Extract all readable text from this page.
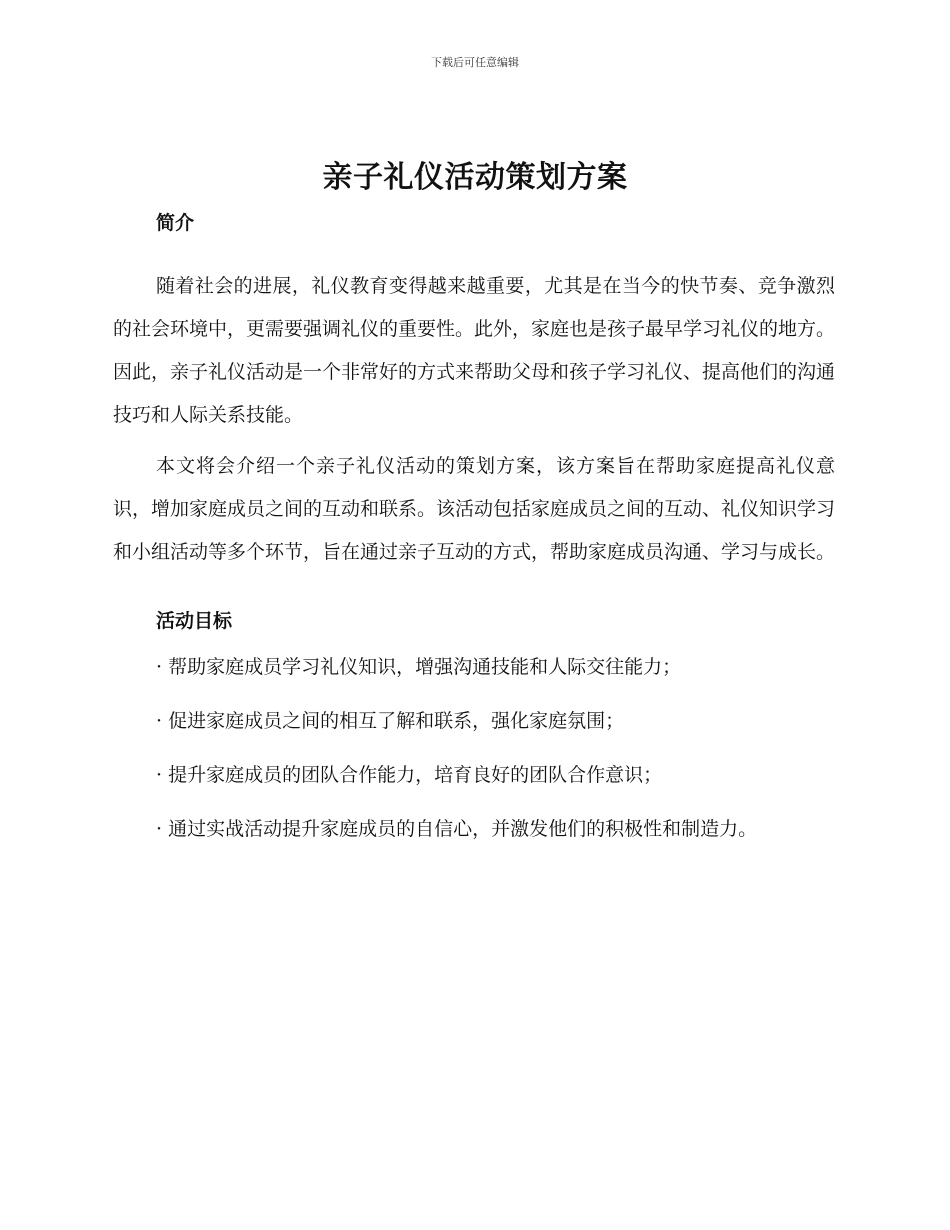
下载后可任意编辑
亲子礼仪活动策划方案
简介

随着社会的进展，礼仪教育变得越来越重要，尤其是在当今的快节奏、竞争激烈的社会环境中，更需要强调礼仪的重要性。此外，家庭也是孩子最早学习礼仪的地方。因此，亲子礼仪活动是一个非常好的方式来帮助父母和孩子学习礼仪、提高他们的沟通技巧和人际关系技能。

本文将会介绍一个亲子礼仪活动的策划方案，该方案旨在帮助家庭提高礼仪意识，增加家庭成员之间的互动和联系。该活动包括家庭成员之间的互动、礼仪知识学习和小组活动等多个环节，旨在通过亲子互动的方式，帮助家庭成员沟通、学习与成长。

活动目标

· 帮助家庭成员学习礼仪知识，增强沟通技能和人际交往能力；

· 促进家庭成员之间的相互了解和联系，强化家庭氛围；

· 提升家庭成员的团队合作能力，培育良好的团队合作意识；

· 通过实战活动提升家庭成员的自信心，并激发他们的积极性和制造力。
